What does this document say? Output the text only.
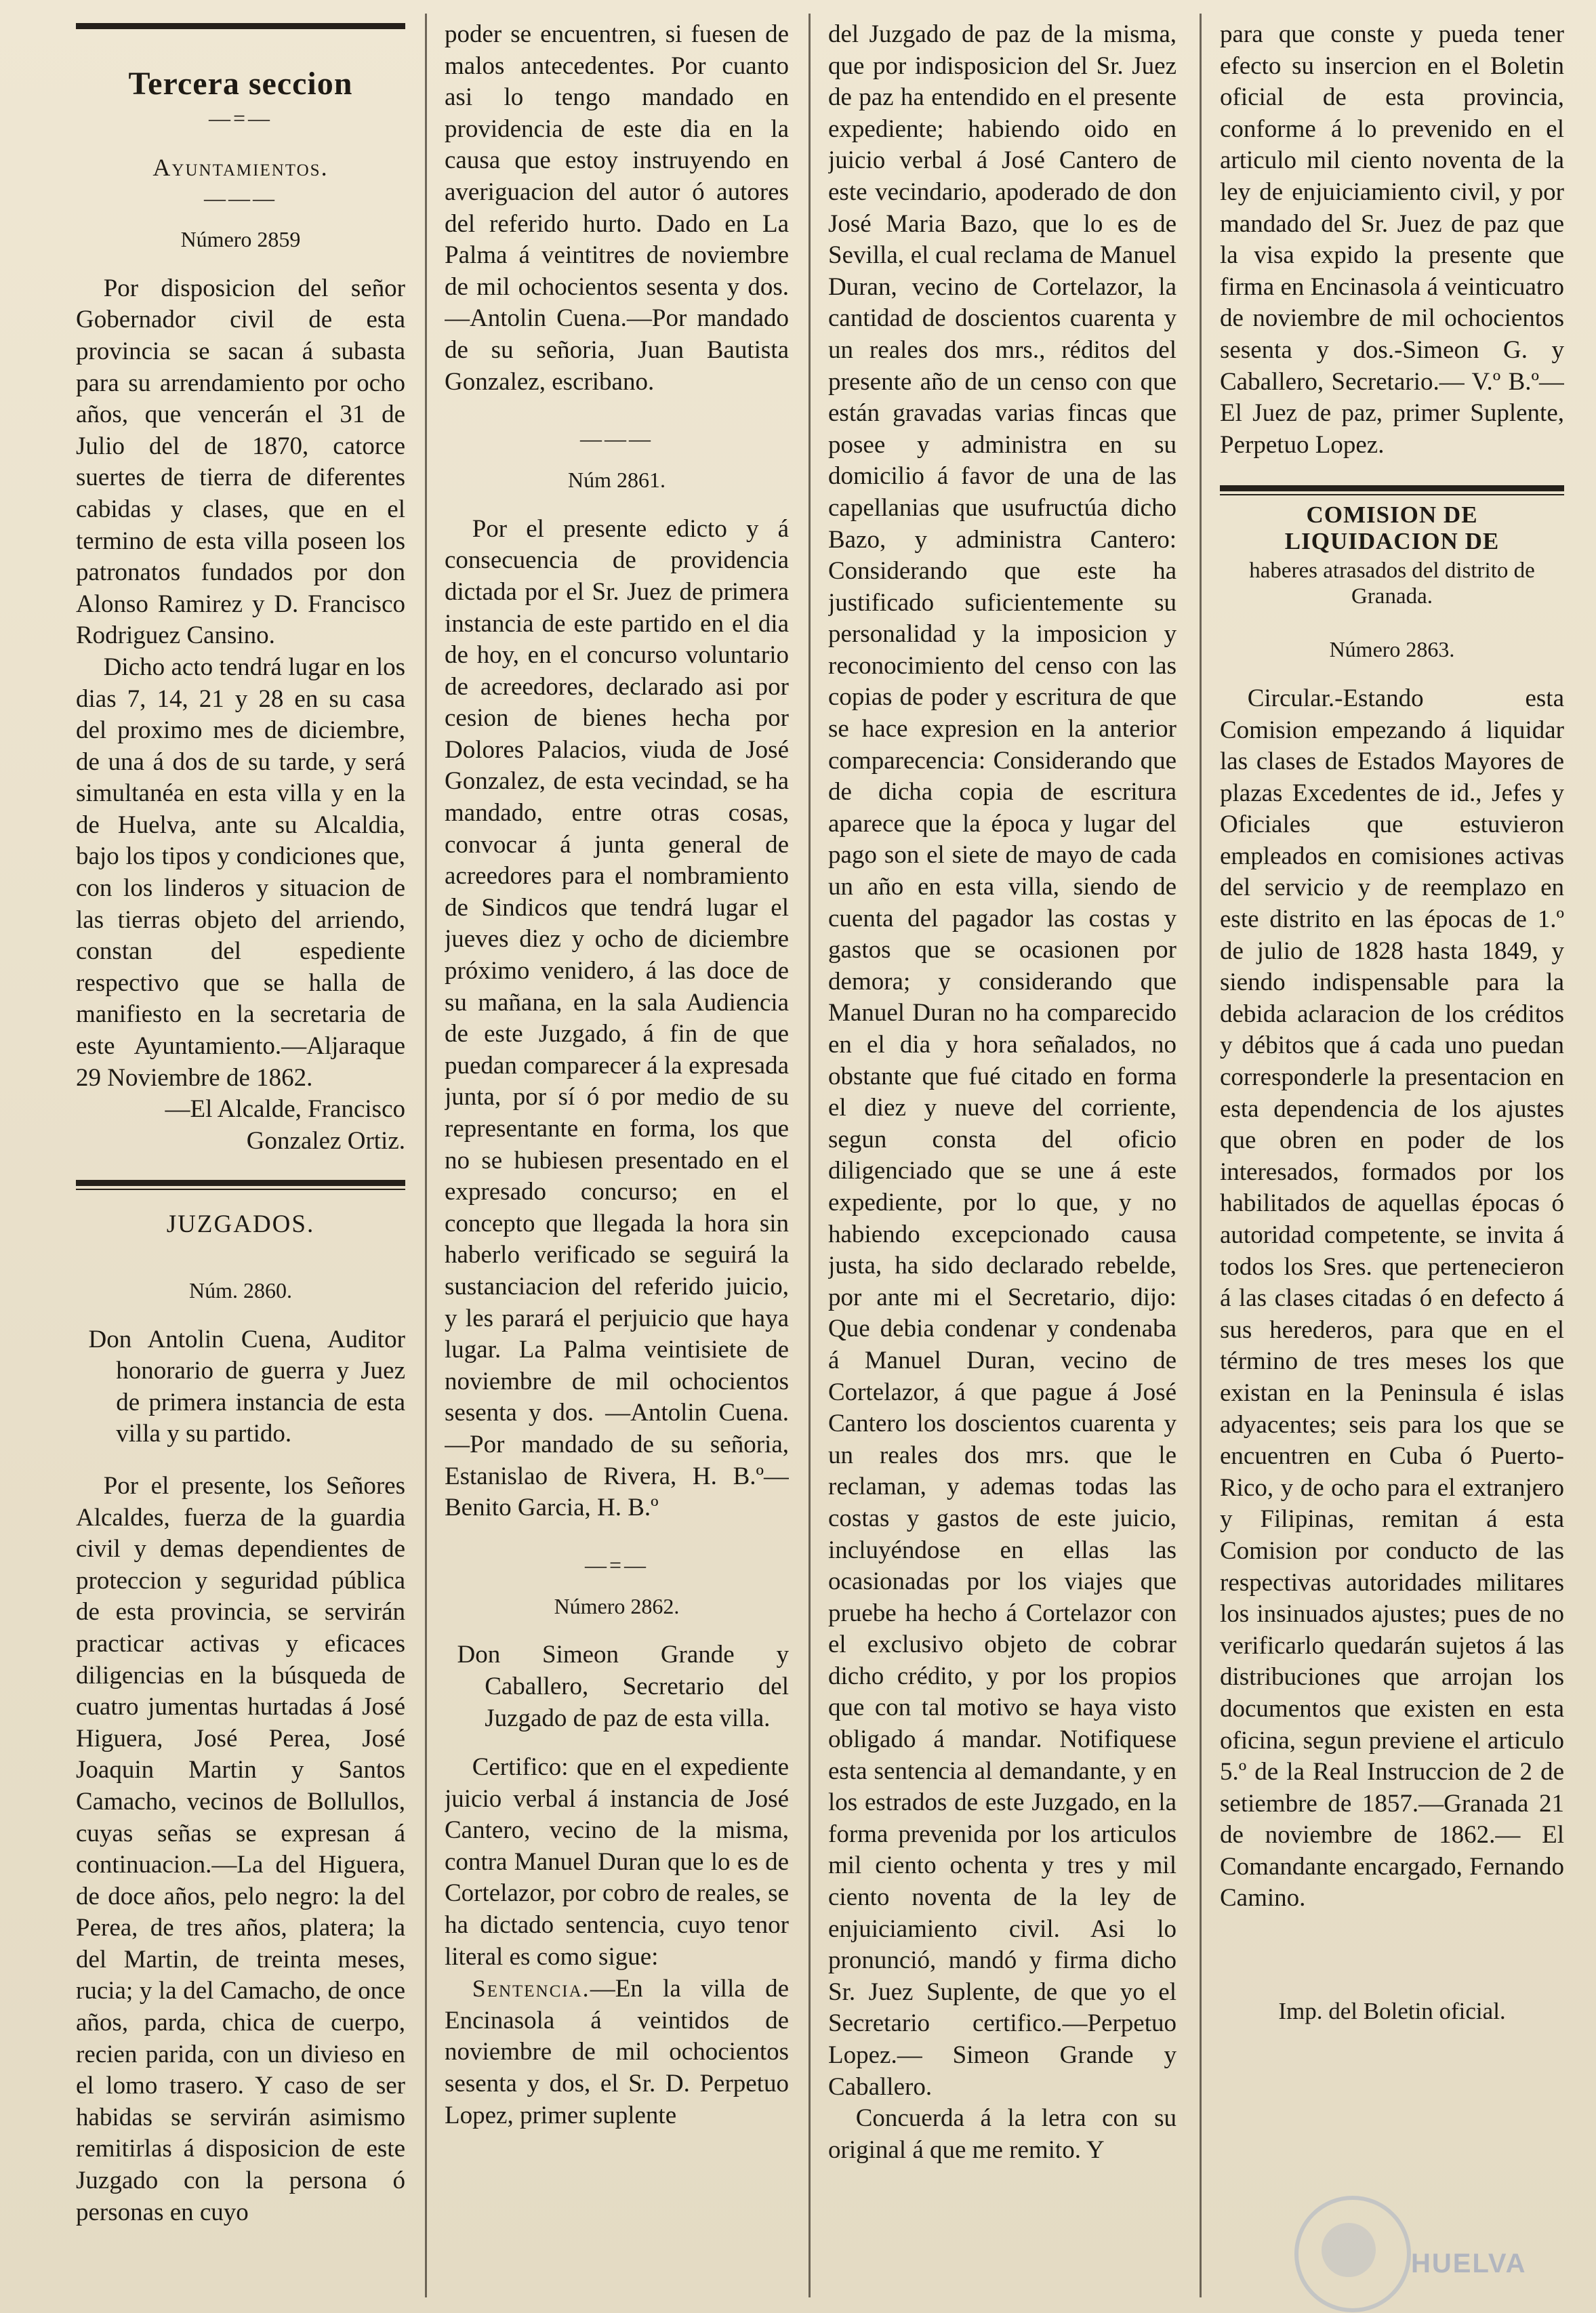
Tercera seccion
—=—
Ayuntamientos.
———
Número 2859

Por disposicion del señor Gobernador civil de esta provincia se sacan á subasta para su arrendamiento por ocho años, que vencerán el 31 de Julio del de 1870, catorce suertes de tierra de diferentes cabidas y clases, que en el termino de esta villa poseen los patronatos fundados por don Alonso Ramirez y D. Francisco Rodriguez Cansino.

Dicho acto tendrá lugar en los dias 7, 14, 21 y 28 en su casa del proximo mes de diciembre, de una á dos de su tarde, y será simultanéa en esta villa y en la de Huelva, ante su Alcaldia, bajo los tipos y condiciones que, con los linderos y situacion de las tierras objeto del arriendo, constan del espediente respectivo que se halla de manifiesto en la secretaria de este Ayuntamiento.—Aljaraque 29 Noviembre de 1862.

—El Alcalde, Francisco Gonzalez Ortiz.

JUZGADOS.
Núm. 2860.

Don Antolin Cuena, Auditor honorario de guerra y Juez de primera instancia de esta villa y su partido.

Por el presente, los Señores Alcaldes, fuerza de la guardia civil y demas dependientes de proteccion y seguridad pública de esta provincia, se servirán practicar activas y eficaces diligencias en la búsqueda de cuatro jumentas hurtadas á José Higuera, José Perea, José Joaquin Martin y Santos Camacho, vecinos de Bollullos, cuyas señas se expresan á continuacion.—La del Higuera, de doce años, pelo negro: la del Perea, de tres años, platera; la del Martin, de treinta meses, rucia; y la del Camacho, de once años, parda, chica de cuerpo, recien parida, con un divieso en el lomo trasero. Y caso de ser habidas se servirán asimismo remitirlas á disposicion de este Juzgado con la persona ó personas en cuyo

poder se encuentren, si fuesen de malos antecedentes. Por cuanto asi lo tengo mandado en providencia de este dia en la causa que estoy instruyendo en averiguacion del autor ó autores del referido hurto. Dado en La Palma á veintitres de noviembre de mil ochocientos sesenta y dos. —Antolin Cuena.—Por mandado de su señoria, Juan Bautista Gonzalez, escribano.

———
Núm 2861.

Por el presente edicto y á consecuencia de providencia dictada por el Sr. Juez de primera instancia de este partido en el dia de hoy, en el concurso voluntario de acreedores, declarado asi por cesion de bienes hecha por Dolores Palacios, viuda de José Gonzalez, de esta vecindad, se ha mandado, entre otras cosas, convocar á junta general de acreedores para el nombramiento de Sindicos que tendrá lugar el jueves diez y ocho de diciembre próximo venidero, á las doce de su mañana, en la sala Audiencia de este Juzgado, á fin de que puedan comparecer á la expresada junta, por sí ó por medio de su representante en forma, los que no se hubiesen presentado en el expresado concurso; en el concepto que llegada la hora sin haberlo verificado se seguirá la sustanciacion del referido juicio, y les parará el perjuicio que haya lugar. La Palma veintisiete de noviembre de mil ochocientos sesenta y dos. —Antolin Cuena.—Por mandado de su señoria, Estanislao de Rivera, H. B.º—Benito Garcia, H. B.º

—=—
Número 2862.

Don Simeon Grande y Caballero, Secretario del Juzgado de paz de esta villa.

Certifico: que en el expediente juicio verbal á instancia de José Cantero, vecino de la misma, contra Manuel Duran que lo es de Cortelazor, por cobro de reales, se ha dictado sentencia, cuyo tenor literal es como sigue:

Sentencia.—En la villa de Encinasola á veintidos de noviembre de mil ochocientos sesenta y dos, el Sr. D. Perpetuo Lopez, primer suplente

del Juzgado de paz de la misma, que por indisposicion del Sr. Juez de paz ha entendido en el presente expediente; habiendo oido en juicio verbal á José Cantero de este vecindario, apoderado de don José Maria Bazo, que lo es de Sevilla, el cual reclama de Manuel Duran, vecino de Cortelazor, la cantidad de doscientos cuarenta y un reales dos mrs., réditos del presente año de un censo con que están gravadas varias fincas que posee y administra en su domicilio á favor de una de las capellanias que usufructúa dicho Bazo, y administra Cantero: Considerando que este ha justificado suficientemente su personalidad y la imposicion y reconocimiento del censo con las copias de poder y escritura de que se hace expresion en la anterior comparecencia: Considerando que de dicha copia de escritura aparece que la época y lugar del pago son el siete de mayo de cada un año en esta villa, siendo de cuenta del pagador las costas y gastos que se ocasionen por demora; y considerando que Manuel Duran no ha comparecido en el dia y hora señalados, no obstante que fué citado en forma el diez y nueve del corriente, segun consta del oficio diligenciado que se une á este expediente, por lo que, y no habiendo excepcionado causa justa, ha sido declarado rebelde, por ante mi el Secretario, dijo: Que debia condenar y condenaba á Manuel Duran, vecino de Cortelazor, á que pague á José Cantero los doscientos cuarenta y un reales dos mrs. que le reclaman, y ademas todas las costas y gastos de este juicio, incluyéndose en ellas las ocasionadas por los viajes que pruebe ha hecho á Cortelazor con el exclusivo objeto de cobrar dicho crédito, y por los propios que con tal motivo se haya visto obligado á mandar. Notifiquese esta sentencia al demandante, y en los estrados de este Juzgado, en la forma prevenida por los articulos mil ciento ochenta y tres y mil ciento noventa de la ley de enjuiciamiento civil. Asi lo pronunció, mandó y firma dicho Sr. Juez Suplente, de que yo el Secretario certifico.—Perpetuo Lopez.— Simeon Grande y Caballero.

Concuerda á la letra con su original á que me remito. Y

para que conste y pueda tener efecto su insercion en el Boletin oficial de esta provincia, conforme á lo prevenido en el articulo mil ciento noventa de la ley de enjuiciamiento civil, y por mandado del Sr. Juez de paz que la visa expido la presente que firma en Encinasola á veinticuatro de noviembre de mil ochocientos sesenta y dos.-Simeon G. y Caballero, Secretario.— V.º B.º—El Juez de paz, primer Suplente, Perpetuo Lopez.

COMISION DE LIQUIDACION DE
haberes atrasados del distrito de Granada.
Número 2863.

Circular.-Estando esta Comision empezando á liquidar las clases de Estados Mayores de plazas Excedentes de id., Jefes y Oficiales que estuvieron empleados en comisiones activas del servicio y de reemplazo en este distrito en las épocas de 1.º de julio de 1828 hasta 1849, y siendo indispensable para la debida aclaracion de los créditos y débitos que á cada uno puedan corresponderle la presentacion en esta dependencia de los ajustes que obren en poder de los interesados, formados por los habilitados de aquellas épocas ó autoridad competente, se invita á todos los Sres. que pertenecieron á las clases citadas ó en defecto á sus herederos, para que en el término de tres meses los que existan en la Peninsula é islas adyacentes; seis para los que se encuentren en Cuba ó Puerto-Rico, y de ocho para el extranjero y Filipinas, remitan á esta Comision por conducto de las respectivas autoridades militares los insinuados ajustes; pues de no verificarlo quedarán sujetos á las distribuciones que arrojan los documentos que existen en esta oficina, segun previene el articulo 5.º de la Real Instruccion de 2 de setiembre de 1857.—Granada 21 de noviembre de 1862.— El Comandante encargado, Fernando Camino.

Imp. del Boletin oficial.

HUELVA
